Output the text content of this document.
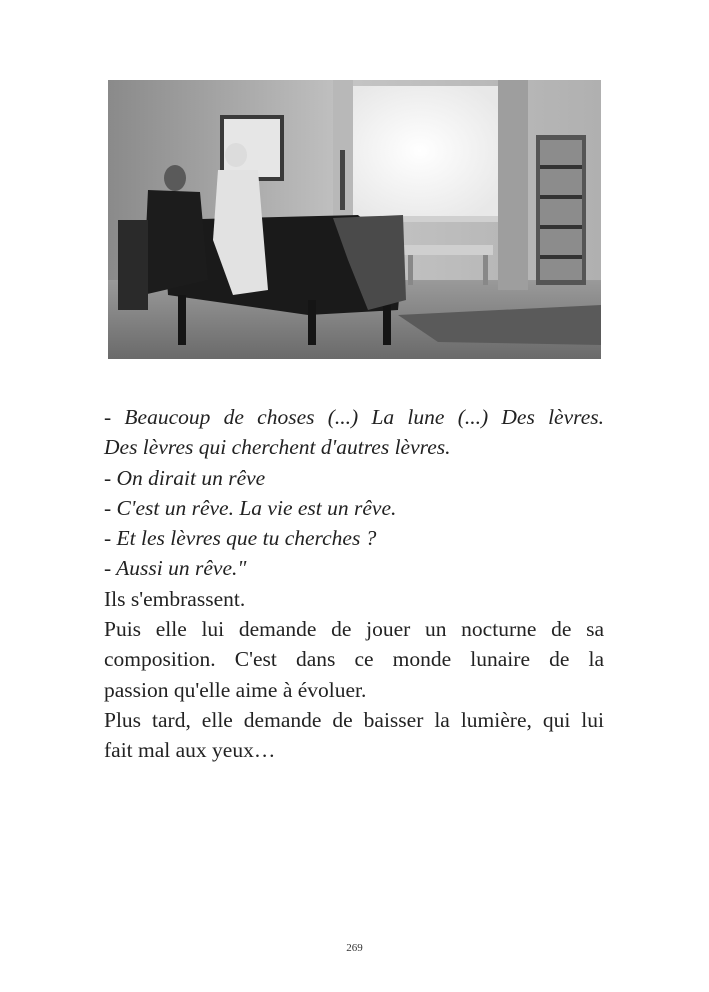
- Beaucoup de choses (...) La lune (...) Des lèvres.
Des lèvres qui cherchent d'autres lèvres.
- On dirait un rêve
- C'est un rêve. La vie est un rêve.
- Et les lèvres que tu cherches ?
- Aussi un rêve."
Ils s'embrassent.
Puis elle lui demande de jouer un nocturne de sa
composition. C'est dans ce monde lunaire de la
passion qu'elle aime à évoluer.
Plus tard, elle demande de baisser la lumière, qui lui
fait mal aux yeux…
269
